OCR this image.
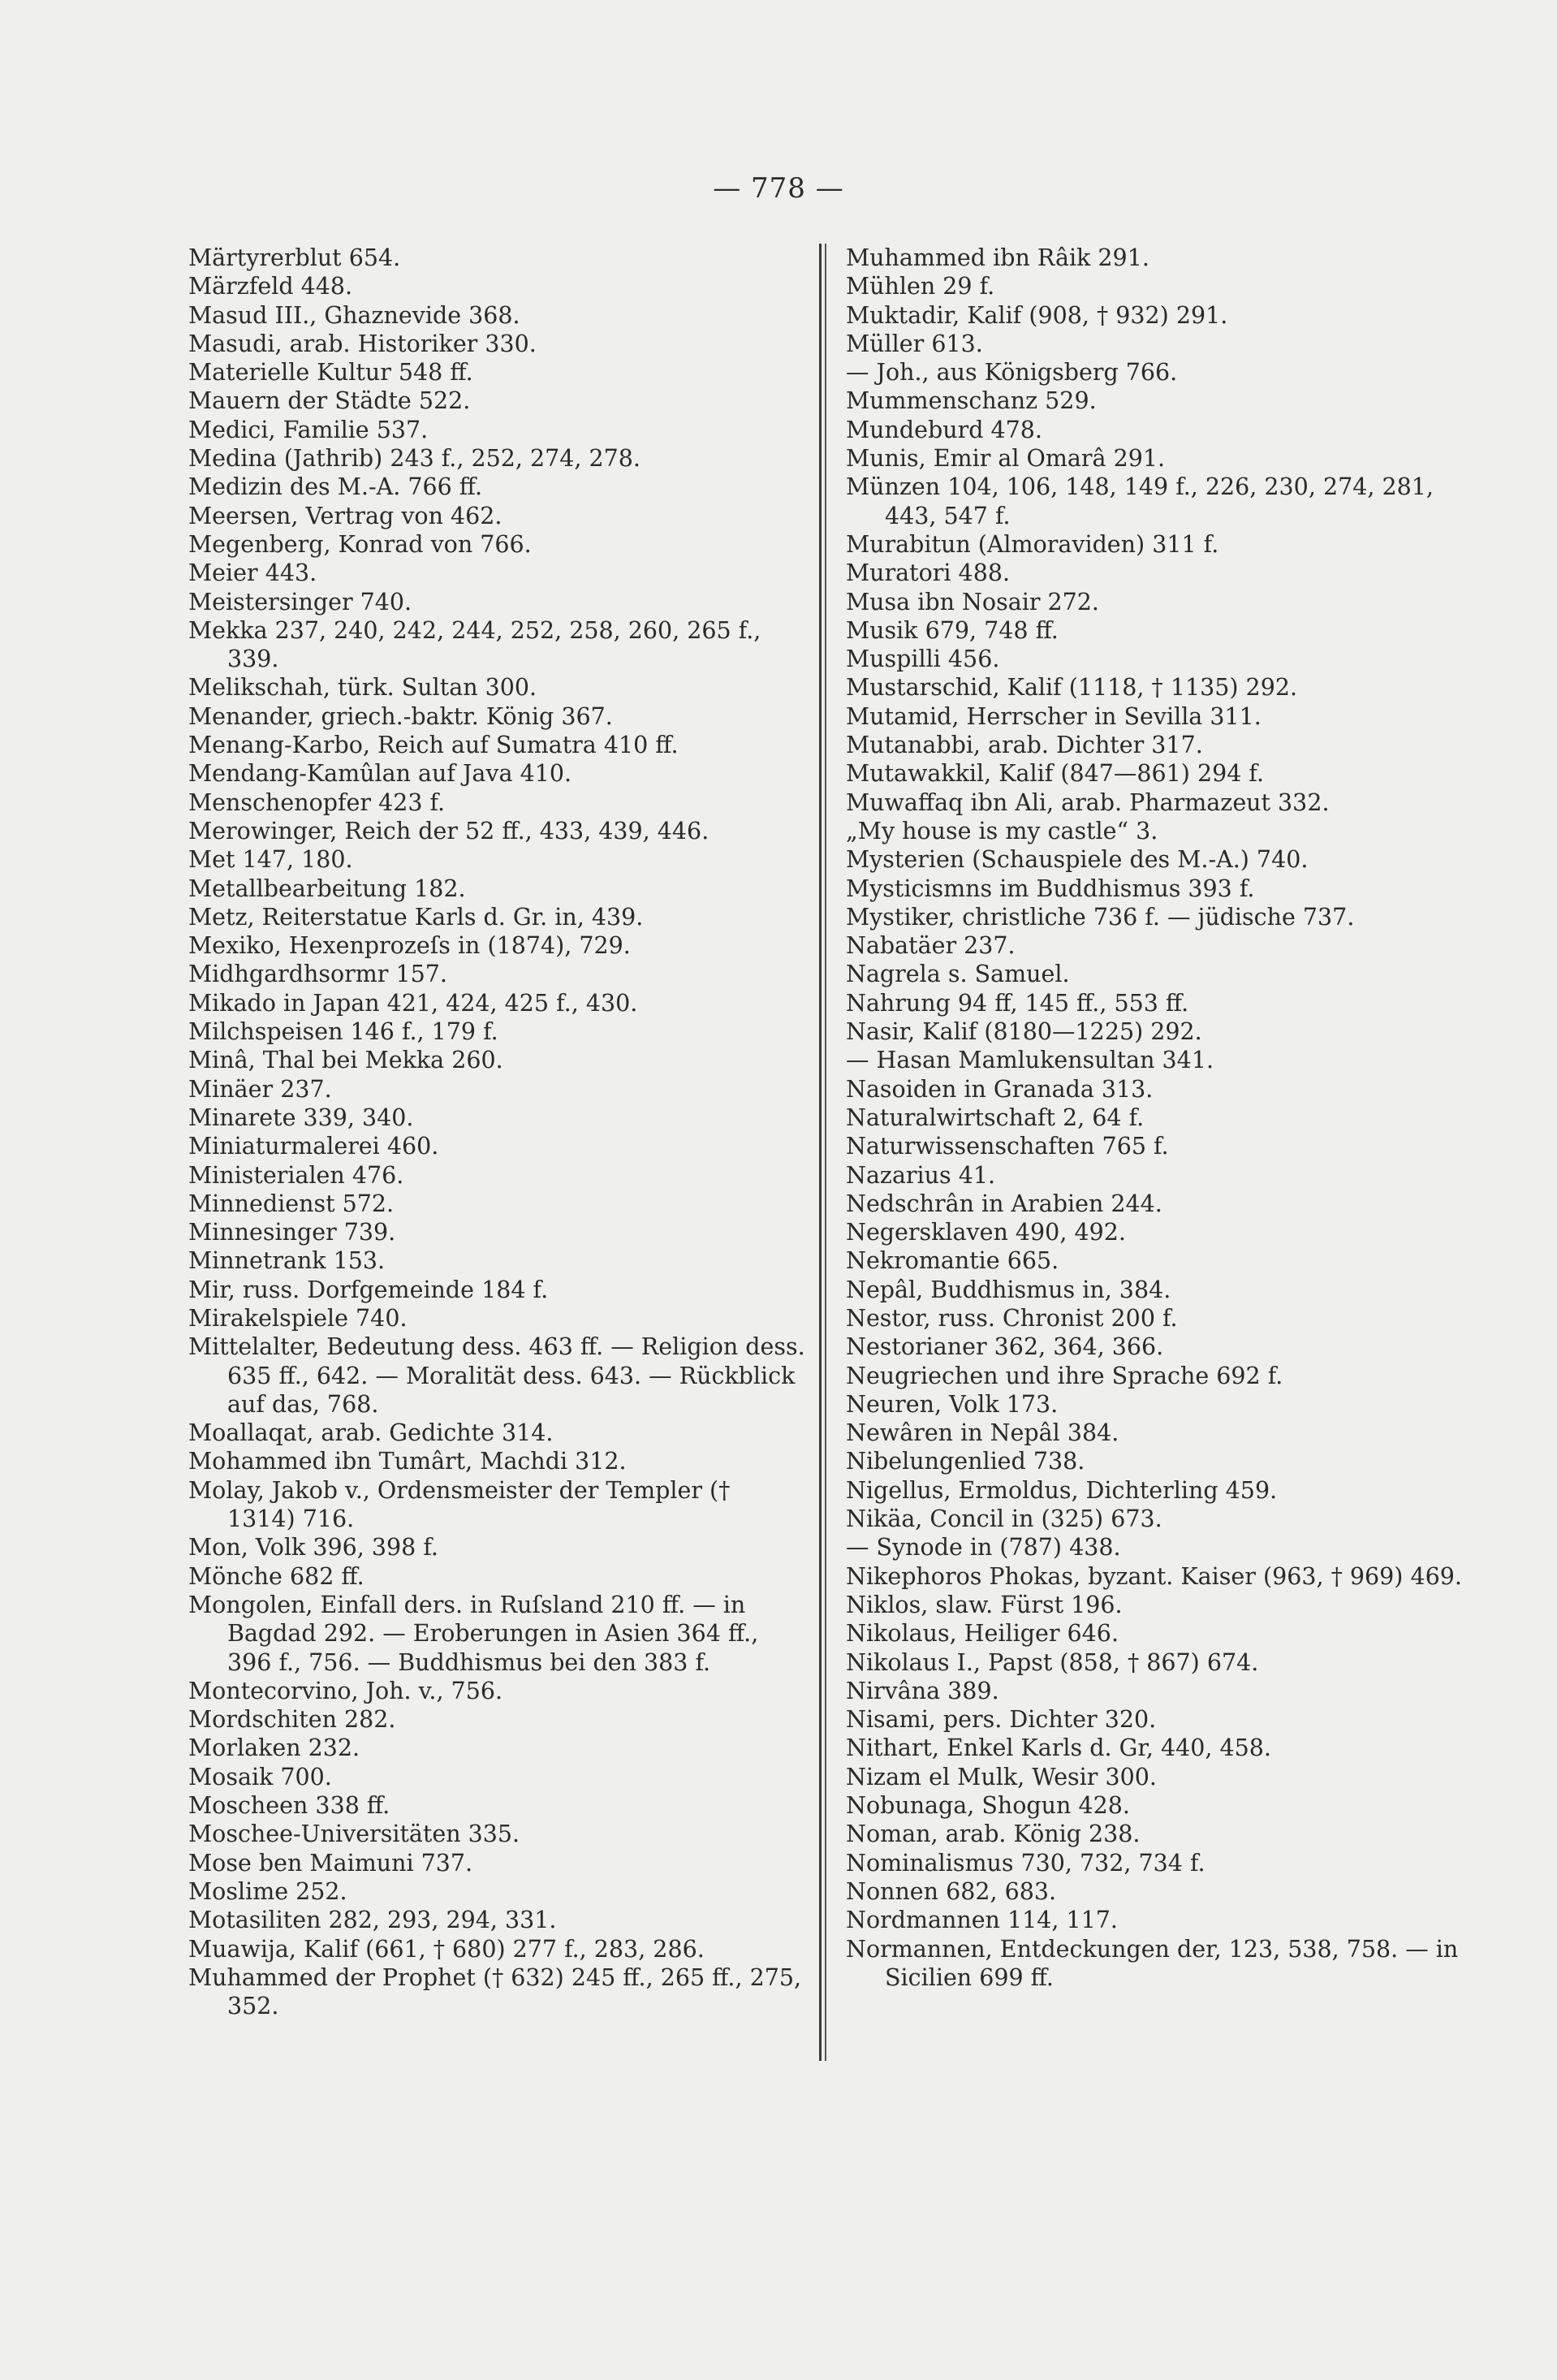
— 778 —
Märtyrerblut 654.
Märzfeld 448.
Masud III., Ghaznevide 368.
Masudi, arab. Historiker 330.
Materielle Kultur 548 ff.
Mauern der Städte 522.
Medici, Familie 537.
Medina (Jathrib) 243 f., 252, 274, 278.
Medizin des M.-A. 766 ff.
Meersen, Vertrag von 462.
Megenberg, Konrad von 766.
Meier 443.
Meistersinger 740.
Mekka 237, 240, 242, 244, 252, 258, 260, 265 f., 339.
Melikschah, türk. Sultan 300.
Menander, griech.-baktr. König 367.
Menang-Karbo, Reich auf Sumatra 410 ff.
Mendang-Kamûlan auf Java 410.
Menschenopfer 423 f.
Merowinger, Reich der 52 ff., 433, 439, 446.
Met 147, 180.
Metallbearbeitung 182.
Metz, Reiterstatue Karls d. Gr. in, 439.
Mexiko, Hexenprozeſs in (1874), 729.
Midhgardhsormr 157.
Mikado in Japan 421, 424, 425 f., 430.
Milchspeisen 146 f., 179 f.
Minâ, Thal bei Mekka 260.
Minäer 237.
Minarete 339, 340.
Miniaturmalerei 460.
Ministerialen 476.
Minnedienst 572.
Minnesinger 739.
Minnetrank 153.
Mir, russ. Dorfgemeinde 184 f.
Mirakelspiele 740.
Mittelalter, Bedeutung dess. 463 ff. — Religion dess. 635 ff., 642. — Moralität dess. 643. — Rückblick auf das, 768.
Moallaqat, arab. Gedichte 314.
Mohammed ibn Tumârt, Machdi 312.
Molay, Jakob v., Ordensmeister der Templer († 1314) 716.
Mon, Volk 396, 398 f.
Mönche 682 ff.
Mongolen, Einfall ders. in Ruſsland 210 ff. — in Bagdad 292. — Eroberungen in Asien 364 ff., 396 f., 756. — Buddhismus bei den 383 f.
Montecorvino, Joh. v., 756.
Mordschiten 282.
Morlaken 232.
Mosaik 700.
Moscheen 338 ff.
Moschee-Universitäten 335.
Mose ben Maimuni 737.
Moslime 252.
Motasiliten 282, 293, 294, 331.
Muawija, Kalif (661, † 680) 277 f., 283, 286.
Muhammed der Prophet († 632) 245 ff., 265 ff., 275, 352.
Muhammed ibn Râik 291.
Mühlen 29 f.
Muktadir, Kalif (908, † 932) 291.
Müller 613.
— Joh., aus Königsberg 766.
Mummenschanz 529.
Mundeburd 478.
Munis, Emir al Omarâ 291.
Münzen 104, 106, 148, 149 f., 226, 230, 274, 281, 443, 547 f.
Murabitun (Almoraviden) 311 f.
Muratori 488.
Musa ibn Nosair 272.
Musik 679, 748 ff.
Muspilli 456.
Mustarschid, Kalif (1118, † 1135) 292.
Mutamid, Herrscher in Sevilla 311.
Mutanabbi, arab. Dichter 317.
Mutawakkil, Kalif (847—861) 294 f.
Muwaffaq ibn Ali, arab. Pharmazeut 332.
„My house is my castle“ 3.
Mysterien (Schauspiele des M.-A.) 740.
Mysticismns im Buddhismus 393 f.
Mystiker, christliche 736 f. — jüdische 737.
Nabatäer 237.
Nagrela s. Samuel.
Nahrung 94 ff, 145 ff., 553 ff.
Nasir, Kalif (8180—1225) 292.
— Hasan Mamlukensultan 341.
Nasoiden in Granada 313.
Naturalwirtschaft 2, 64 f.
Naturwissenschaften 765 f.
Nazarius 41.
Nedschrân in Arabien 244.
Negersklaven 490, 492.
Nekromantie 665.
Nepâl, Buddhismus in, 384.
Nestor, russ. Chronist 200 f.
Nestorianer 362, 364, 366.
Neugriechen und ihre Sprache 692 f.
Neuren, Volk 173.
Newâren in Nepâl 384.
Nibelungenlied 738.
Nigellus, Ermoldus, Dichterling 459.
Nikäa, Concil in (325) 673.
— Synode in (787) 438.
Nikephoros Phokas, byzant. Kaiser (963, † 969) 469.
Niklos, slaw. Fürst 196.
Nikolaus, Heiliger 646.
Nikolaus I., Papst (858, † 867) 674.
Nirvâna 389.
Nisami, pers. Dichter 320.
Nithart, Enkel Karls d. Gr, 440, 458.
Nizam el Mulk, Wesir 300.
Nobunaga, Shogun 428.
Noman, arab. König 238.
Nominalismus 730, 732, 734 f.
Nonnen 682, 683.
Nordmannen 114, 117.
Normannen, Entdeckungen der, 123, 538, 758. — in Sicilien 699 ff.
